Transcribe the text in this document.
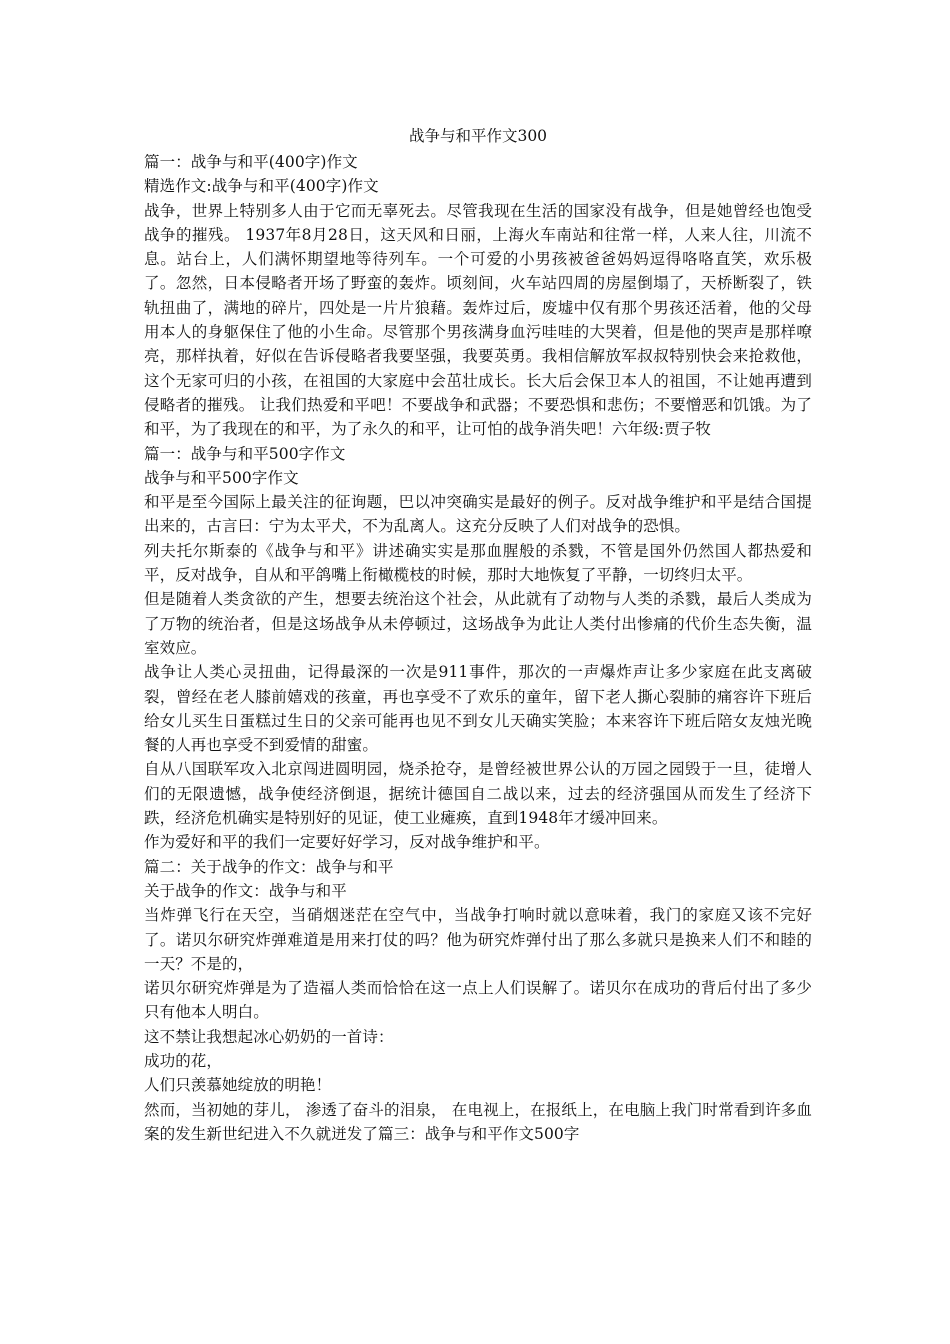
战争与和平作文300

篇一：战争与和平(400字)作文

精选作文:战争与和平(400字)作文

战争，世界上特别多人由于它而无辜死去。尽管我现在生活的国家没有战争，但是她曾经也饱受战争的摧残。 1937年8月28日，这天风和日丽，上海火车南站和往常一样，人来人往，川流不息。站台上，人们满怀期望地等待列车。一个可爱的小男孩被爸爸妈妈逗得咯咯直笑，欢乐极了。忽然，日本侵略者开场了野蛮的轰炸。顷刻间，火车站四周的房屋倒塌了，天桥断裂了，铁轨扭曲了，满地的碎片，四处是一片片狼藉。轰炸过后，废墟中仅有那个男孩还活着，他的父母用本人的身躯保住了他的小生命。尽管那个男孩满身血污哇哇的大哭着，但是他的哭声是那样嘹亮，那样执着，好似在告诉侵略者我要坚强，我要英勇。我相信解放军叔叔特别快会来抢救他，这个无家可归的小孩，在祖国的大家庭中会茁壮成长。长大后会保卫本人的祖国，不让她再遭到侵略者的摧残。 让我们热爱和平吧！不要战争和武器；不要恐惧和悲伤；不要憎恶和饥饿。为了和平，为了我现在的和平，为了永久的和平，让可怕的战争消失吧！六年级:贾子牧

篇一：战争与和平500字作文

战争与和平500字作文

和平是至今国际上最关注的征询题，巴以冲突确实是最好的例子。反对战争维护和平是结合国提出来的，古言曰：宁为太平犬，不为乱离人。这充分反映了人们对战争的恐惧。

列夫托尔斯泰的《战争与和平》讲述确实实是那血腥般的杀戮，不管是国外仍然国人都热爱和平，反对战争，自从和平鸽嘴上衔橄榄枝的时候，那时大地恢复了平静，一切终归太平。

但是随着人类贪欲的产生，想要去统治这个社会，从此就有了动物与人类的杀戮，最后人类成为了万物的统治者，但是这场战争从未停顿过，这场战争为此让人类付出惨痛的代价生态失衡，温室效应。

战争让人类心灵扭曲，记得最深的一次是911事件，那次的一声爆炸声让多少家庭在此支离破裂，曾经在老人膝前嬉戏的孩童，再也享受不了欢乐的童年，留下老人撕心裂肺的痛容许下班后给女儿买生日蛋糕过生日的父亲可能再也见不到女儿天确实笑脸；本来容许下班后陪女友烛光晚餐的人再也享受不到爱情的甜蜜。

自从八国联军攻入北京闯进圆明园，烧杀抢夺，是曾经被世界公认的万园之园毁于一旦，徒增人们的无限遗憾，战争使经济倒退，据统计德国自二战以来，过去的经济强国从而发生了经济下跌，经济危机确实是特别好的见证，使工业瘫痪，直到1948年才缓冲回来。

作为爱好和平的我们一定要好好学习，反对战争维护和平。

篇二：关于战争的作文：战争与和平

关于战争的作文：战争与和平

当炸弹飞行在天空，当硝烟迷茫在空气中，当战争打响时就以意味着，我门的家庭又该不完好了。诺贝尔研究炸弹难道是用来打仗的吗？他为研究炸弹付出了那么多就只是换来人们不和睦的一天？不是的，

诺贝尔研究炸弹是为了造福人类而恰恰在这一点上人们误解了。诺贝尔在成功的背后付出了多少只有他本人明白。

这不禁让我想起冰心奶奶的一首诗：

成功的花，

人们只羡慕她绽放的明艳！

然而，当初她的芽儿， 渗透了奋斗的泪泉， 在电视上，在报纸上，在电脑上我门时常看到许多血案的发生新世纪进入不久就迸发了篇三：战争与和平作文500字
